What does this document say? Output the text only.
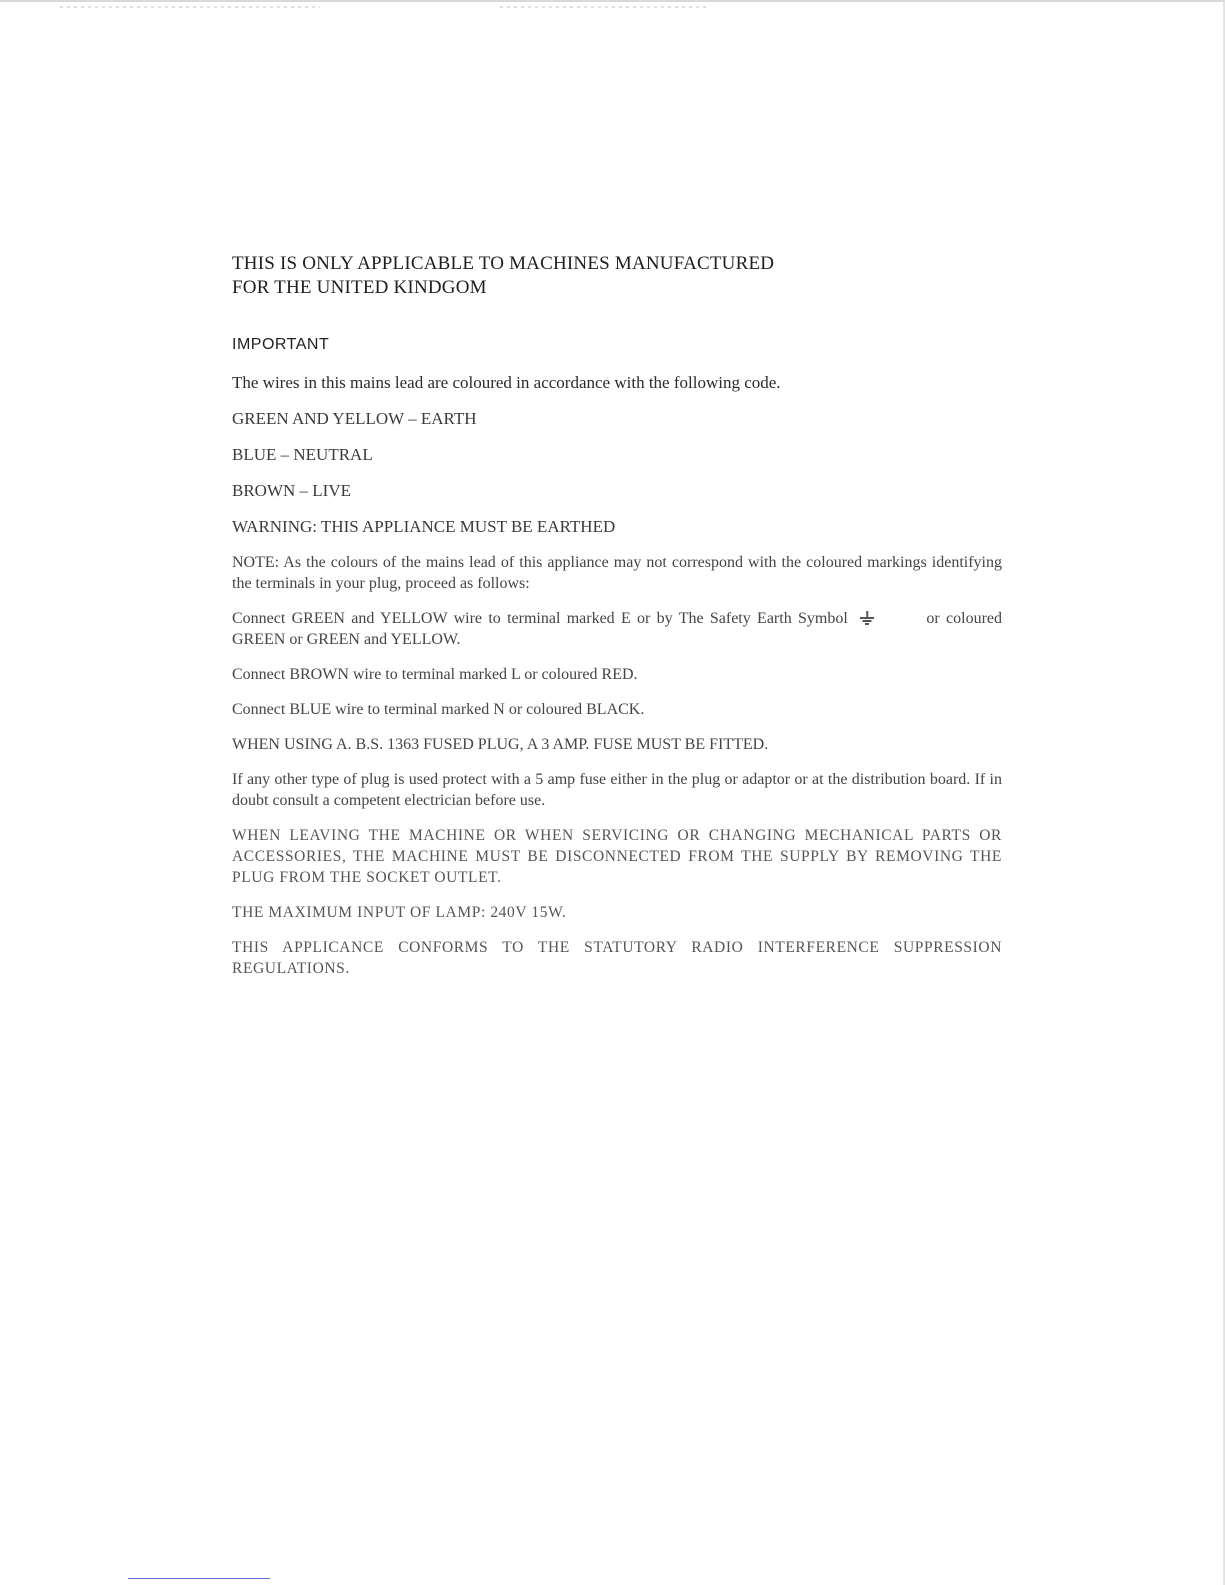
THIS IS ONLY APPLICABLE TO MACHINES MANUFACTURED
FOR THE UNITED KINDGOM
IMPORTANT
The wires in this mains lead are coloured in accordance with the following code.
GREEN AND YELLOW – EARTH
BLUE – NEUTRAL
BROWN – LIVE
WARNING: THIS APPLIANCE MUST BE EARTHED
NOTE: As the colours of the mains lead of this appliance may not correspond with the coloured markings identifying the terminals in your plug, proceed as follows:
Connect GREEN and YELLOW wire to terminal marked E or by The Safety Earth Symbol	or coloured GREEN or GREEN and YELLOW.
Connect BROWN wire to terminal marked L or coloured RED.
Connect BLUE wire to terminal marked N or coloured BLACK.
WHEN USING A. B.S. 1363 FUSED PLUG, A 3 AMP. FUSE MUST BE FITTED.
If any other type of plug is used protect with a 5 amp fuse either in the plug or adaptor or at the distribution board. If in doubt consult a competent electrician before use.
WHEN LEAVING THE MACHINE OR WHEN SERVICING OR CHANGING MECHANICAL PARTS OR ACCESSORIES, THE MACHINE MUST BE DISCONNECTED FROM THE SUPPLY BY REMOVING THE PLUG FROM THE SOCKET OUTLET.
THE MAXIMUM INPUT OF LAMP: 240V 15W.
THIS APPLICANCE CONFORMS TO THE STATUTORY RADIO INTERFERENCE SUPPRESSION REGULATIONS.
